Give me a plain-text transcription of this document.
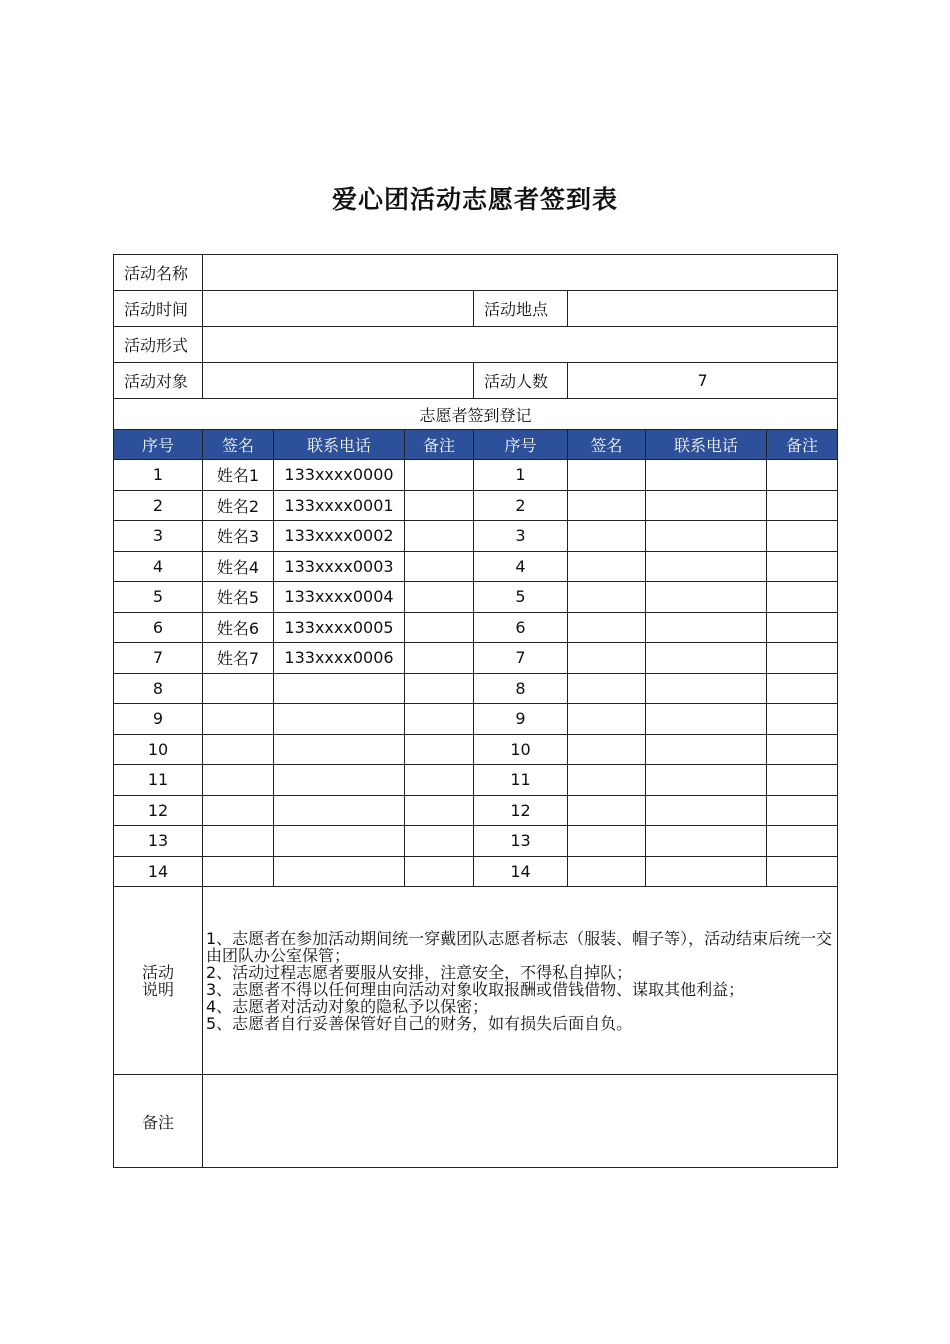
爱心团活动志愿者签到表
活动名称							
活动时间				活动地点			
活动形式							
活动对象				活动人数	7		
志愿者签到登记							
序号	签名	联系电话	备注	序号	签名	联系电话	备注
1	姓名1	133xxxx0000		1			
2	姓名2	133xxxx0001		2			
3	姓名3	133xxxx0002		3			
4	姓名4	133xxxx0003		4			
5	姓名5	133xxxx0004		5			
6	姓名6	133xxxx0005		6			
7	姓名7	133xxxx0006		7			
8				8			
9				9			
10				10			
11				11			
12				12			
13				13			
14				14			

活动
说明	1、志愿者在参加活动期间统一穿戴团队志愿者标志（服装、帽子等），活动结束后统一交由团队办公室保管；
2、活动过程志愿者要服从安排，注意安全，不得私自掉队；
3、志愿者不得以任何理由向活动对象收取报酬或借钱借物、谋取其他利益；
4、志愿者对活动对象的隐私予以保密；
5、志愿者自行妥善保管好自己的财务，如有损失后面自负。						

备注							
